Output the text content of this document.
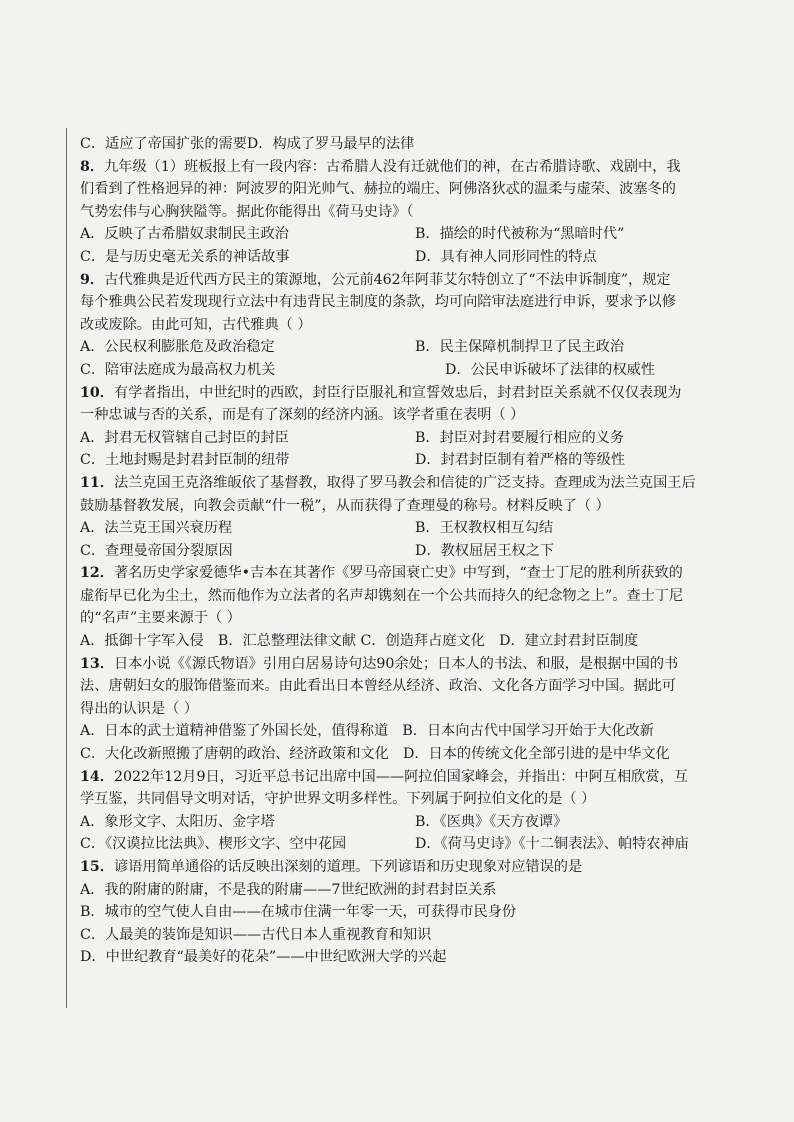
C．适应了帝国扩张的需要D．构成了罗马最早的法律
8．九年级（1）班板报上有一段内容：古希腊人没有迁就他们的神，在古希腊诗歌、戏剧中，我
们看到了性格迥异的神：阿波罗的阳光帅气、赫拉的端庄、阿佛洛狄忒的温柔与虚荣、波塞冬的
气势宏伟与心胸狭隘等。据此你能得出《荷马史诗》（
A．反映了古希腊奴隶制民主政治	B．描绘的时代被称为“黑暗时代”
C．是与历史毫无关系的神话故事	D．具有神人同形同性的特点
9．古代雅典是近代西方民主的策源地，公元前462年阿菲艾尔特创立了“不法申诉制度”，规定
每个雅典公民若发现现行立法中有违背民主制度的条款，均可向陪审法庭进行申诉，要求予以修
改或废除。由此可知，古代雅典（ ）
A．公民权利膨胀危及政治稳定	B．民主保障机制捍卫了民主政治
C．陪审法庭成为最高权力机关	D．公民申诉破坏了法律的权威性
10．有学者指出，中世纪时的西欧，封臣行臣服礼和宣誓效忠后，封君封臣关系就不仅仅表现为
一种忠诚与否的关系，而是有了深刻的经济内涵。该学者重在表明（ ）
A．封君无权管辖自己封臣的封臣	B．封臣对封君要履行相应的义务
C．土地封赐是封君封臣制的纽带	D．封君封臣制有着严格的等级性
11．法兰克国王克洛维皈依了基督教，取得了罗马教会和信徒的广泛支持。查理成为法兰克国王后
鼓励基督教发展，向教会贡献“什一税”，从而获得了查理曼的称号。材料反映了（ ）
A．法兰克王国兴衰历程	B．王权教权相互勾结
C．查理曼帝国分裂原因	D．教权屈居王权之下
12．著名历史学家爱德华•吉本在其著作《罗马帝国衰亡史》中写到，“查士丁尼的胜利所获致的
虚衔早已化为尘土，然而他作为立法者的名声却镌刻在一个公共而持久的纪念物之上”。查士丁尼
的“名声”主要来源于（ ）
A．抵御十字军入侵　B．汇总整理法律文献 C．创造拜占庭文化　D．建立封君封臣制度
13．日本小说《《源氏物语》引用白居易诗句达90余处；日本人的书法、和服，是根据中国的书
法、唐朝妇女的服饰借鉴而来。由此看出日本曾经从经济、政治、文化各方面学习中国。据此可
得出的认识是（ ）
A．日本的武士道精神借鉴了外国长处，值得称道　B．日本向古代中国学习开始于大化改新
C．大化改新照搬了唐朝的政治、经济政策和文化　D．日本的传统文化全部引进的是中华文化
14．2022年12月9日，习近平总书记出席中国——阿拉伯国家峰会，并指出：中阿互相欣赏，互
学互鉴，共同倡导文明对话，守护世界文明多样性。下列属于阿拉伯文化的是（ ）
A．象形文字、太阳历、金字塔	B．《医典》《天方夜谭》
C．《汉谟拉比法典》、楔形文字、空中花园	D．《荷马史诗》《十二铜表法》、帕特农神庙
15．谚语用简单通俗的话反映出深刻的道理。下列谚语和历史现象对应错误的是
A．我的附庸的附庸，不是我的附庸——7世纪欧洲的封君封臣关系
B．城市的空气使人自由——在城市住满一年零一天，可获得市民身份
C．人最美的装饰是知识——古代日本人重视教育和知识
D．中世纪教育“最美好的花朵”——中世纪欧洲大学的兴起
